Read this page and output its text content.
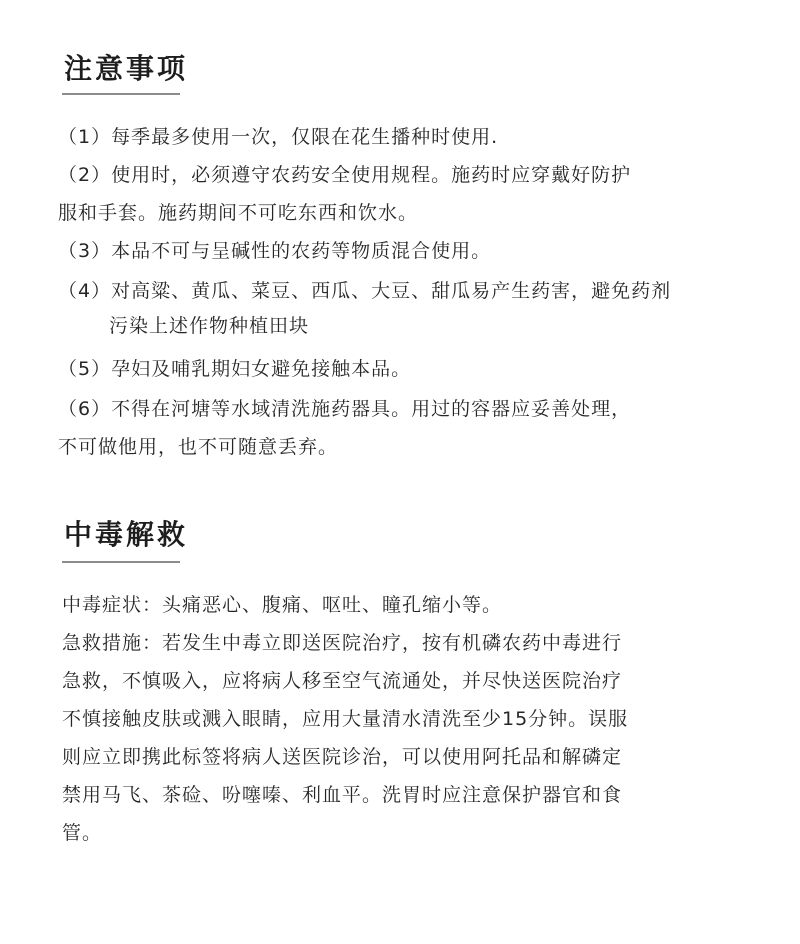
注意事项
（1）每季最多使用一次，仅限在花生播种时使用.
（2）使用时，必须遵守农药安全使用规程。施药时应穿戴好防护
服和手套。施药期间不可吃东西和饮水。
（3）本品不可与呈碱性的农药等物质混合使用。
（4）对高粱、黄瓜、菜豆、西瓜、大豆、甜瓜易产生药害，避免药剂
污染上述作物种植田块
（5）孕妇及哺乳期妇女避免接触本品。
（6）不得在河塘等水域清洗施药器具。用过的容器应妥善处理，
不可做他用，也不可随意丢弃。
中毒解救
中毒症状：头痛恶心、腹痛、呕吐、瞳孔缩小等。
急救措施：若发生中毒立即送医院治疗，按有机磷农药中毒进行
急救，不慎吸入，应将病人移至空气流通处，并尽快送医院治疗
不慎接触皮肤或溅入眼睛，应用大量清水清洗至少15分钟。误服
则应立即携此标签将病人送医院诊治，可以使用阿托品和解磷定
禁用马飞、茶硷、吩噻嗪、利血平。洗胃时应注意保护器官和食
管。
